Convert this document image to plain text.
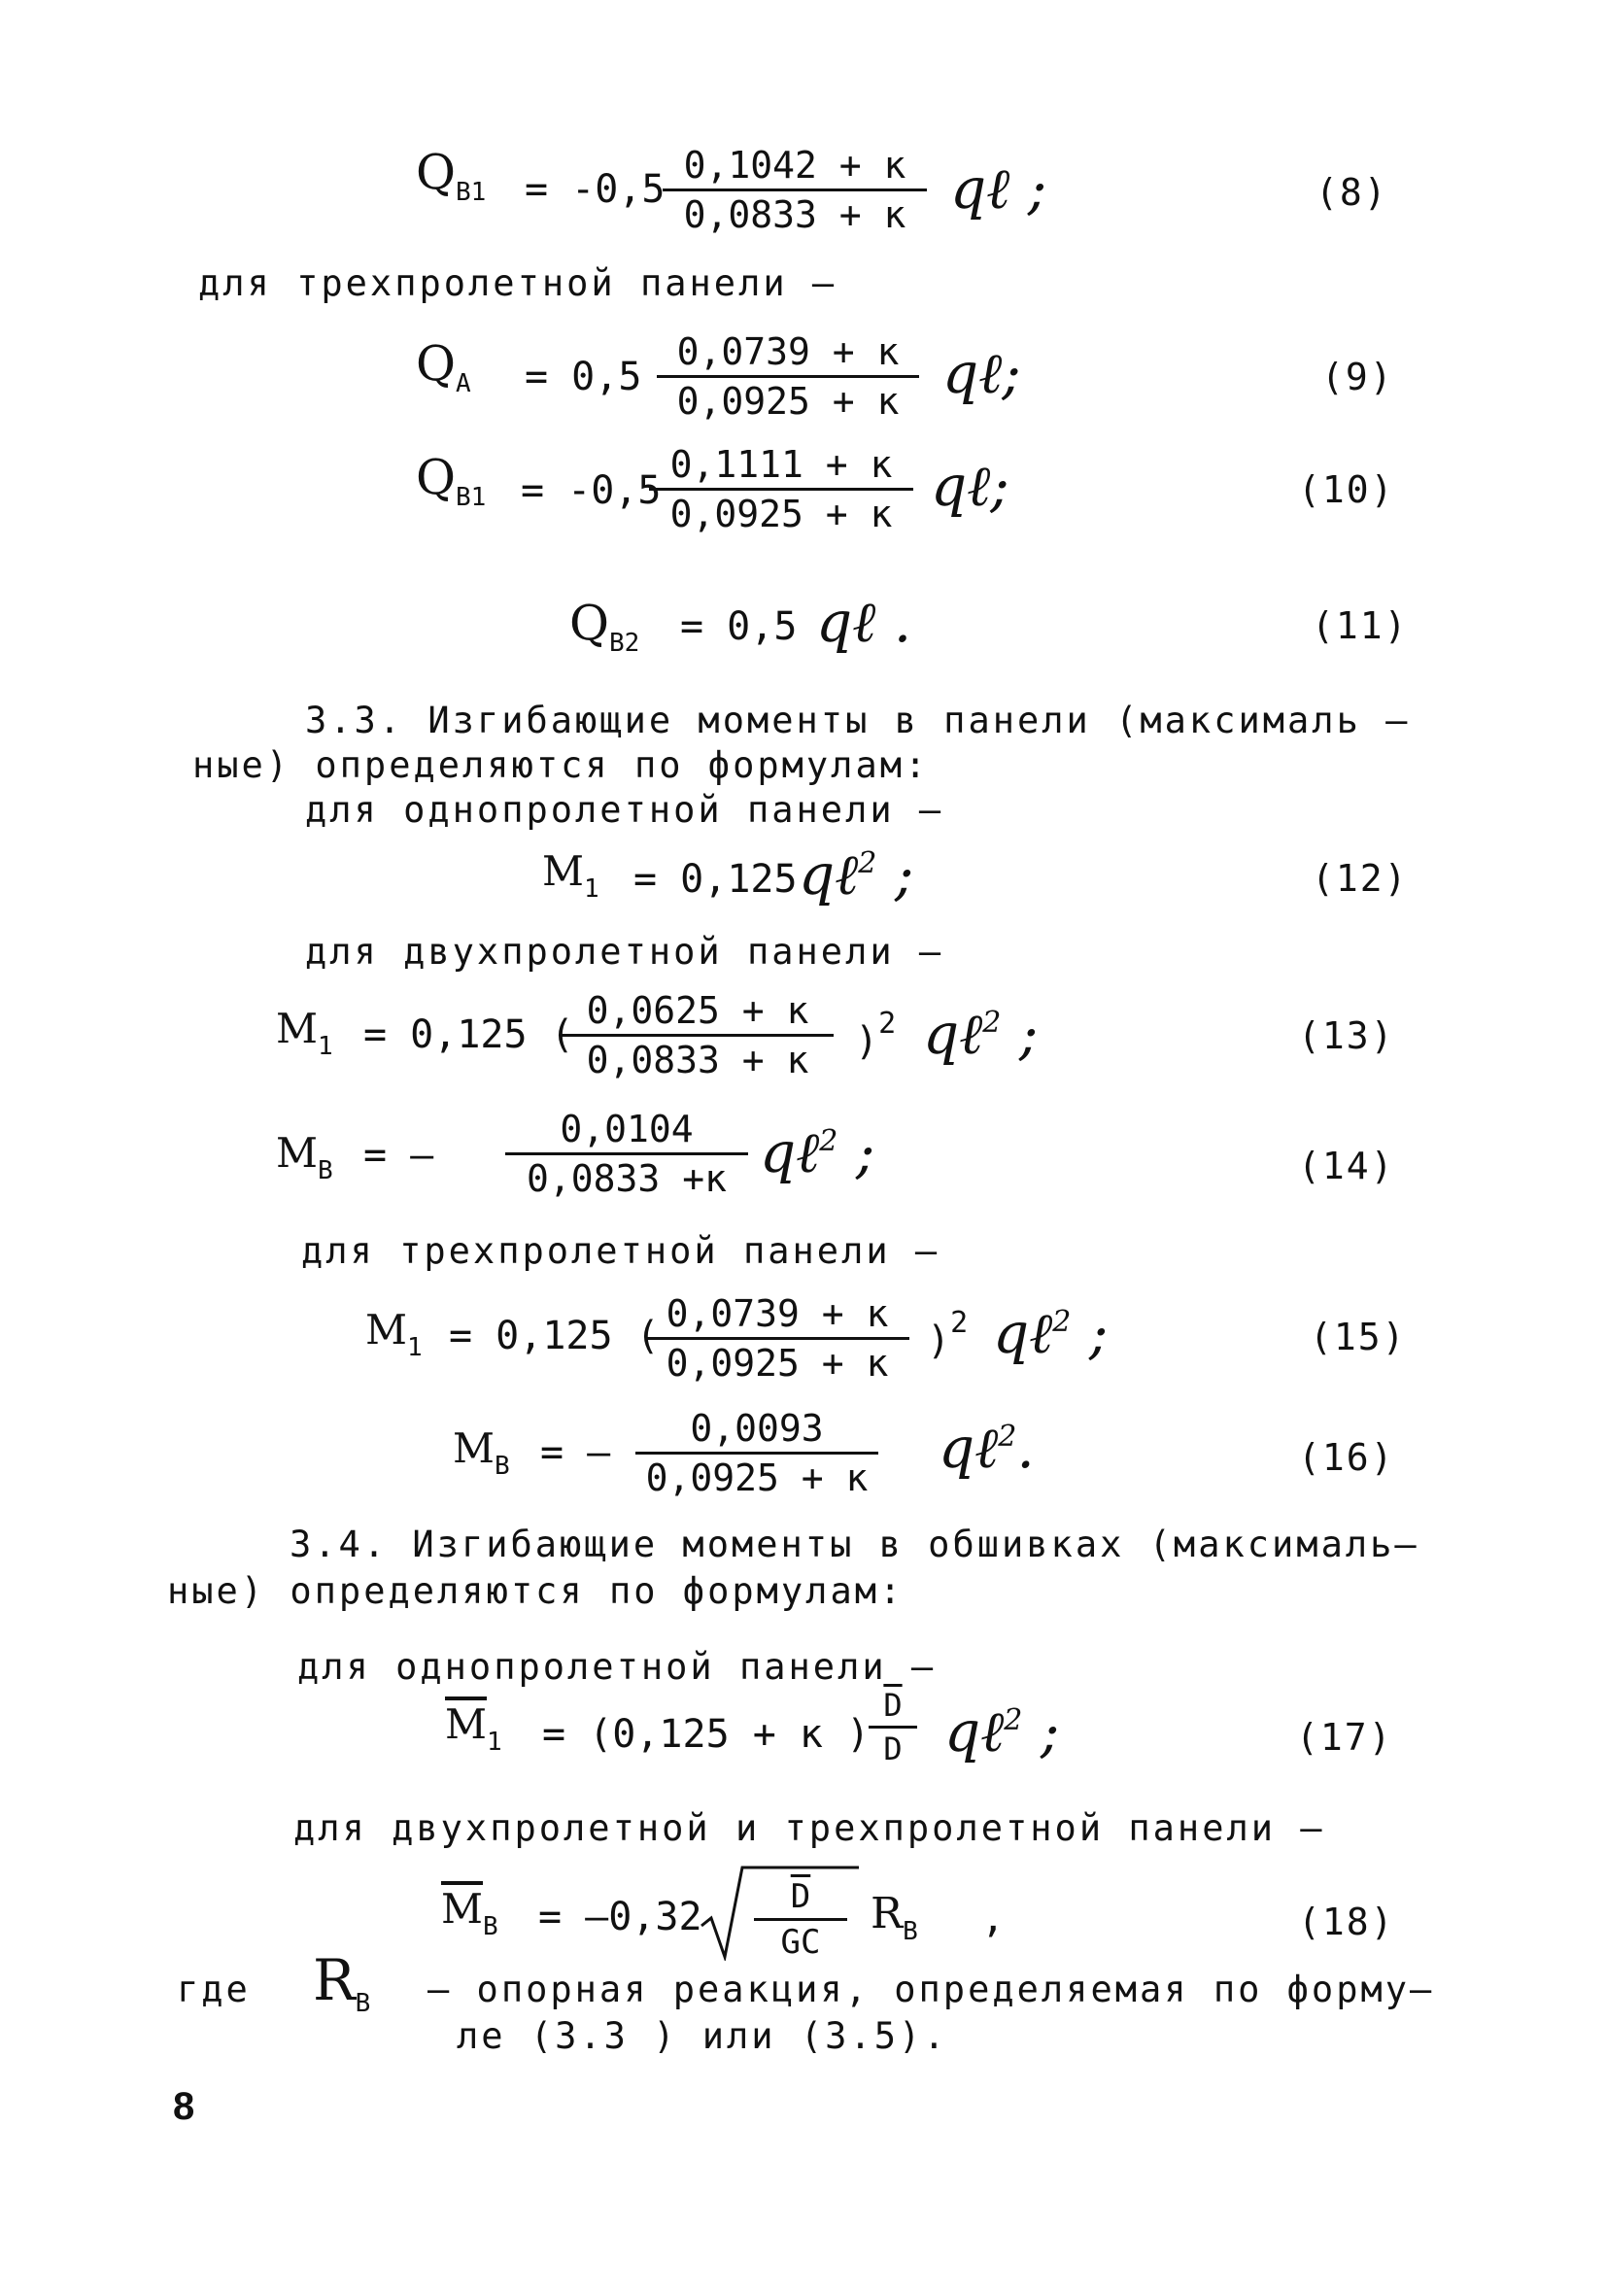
$Q_{B1} = -0,5$
0,1042 + к
0,0833 + к qℓ ;	(8)
для трехпролетной панели –
$Q_A = 0,5$
0,0739 + к
0,0925 + к qℓ;	(9)
$Q_{B1} = -0,5$
0,1111 + к
0,0925 + к qℓ;	(10)
$Q_{B2} = 0,5$ qℓ .	(11)
3.3. Изгибающие моменты в панели (максималь –
ные) определяются по формулам:
для однопролетной панели –
$M_1 = 0,125$ qℓ$^2$ ;	(12)
для двухпролетной панели –
$M_1 = 0,125$ (
0,0625 + к
0,0833 + к	)$^2$ qℓ$^2$ ;	(13)
$M_B$ = –
0,0104
0,0833 +к qℓ$^2$ ;	(14)
для трехпролетной панели –
$M_1 = 0,125$ ( 0,0739 + к
0,0925 + к )$^2$ qℓ$^2$ ;	(15)
$M_B$ = –
0,0093
0,0925 + к qℓ$^2$.	(16)
3.4. Изгибающие моменты в обшивках (максималь–
ные) определяются по формулам:
для однопролетной панели –
$\overline{M}_1 = (0,125 + к$ )
$\frac{\overline{D}}{D}$ qℓ$^2$ ;	(17)
для двухпролетной и трехпролетной панели –
$\overline{M}_B = -0,32 \frac{\overline{D}}{GC} R_B$ ,	(18)
где $R_B$ – опорная реакция, определяемая по форму–
ле (3.3 ) или (3.5).
8
